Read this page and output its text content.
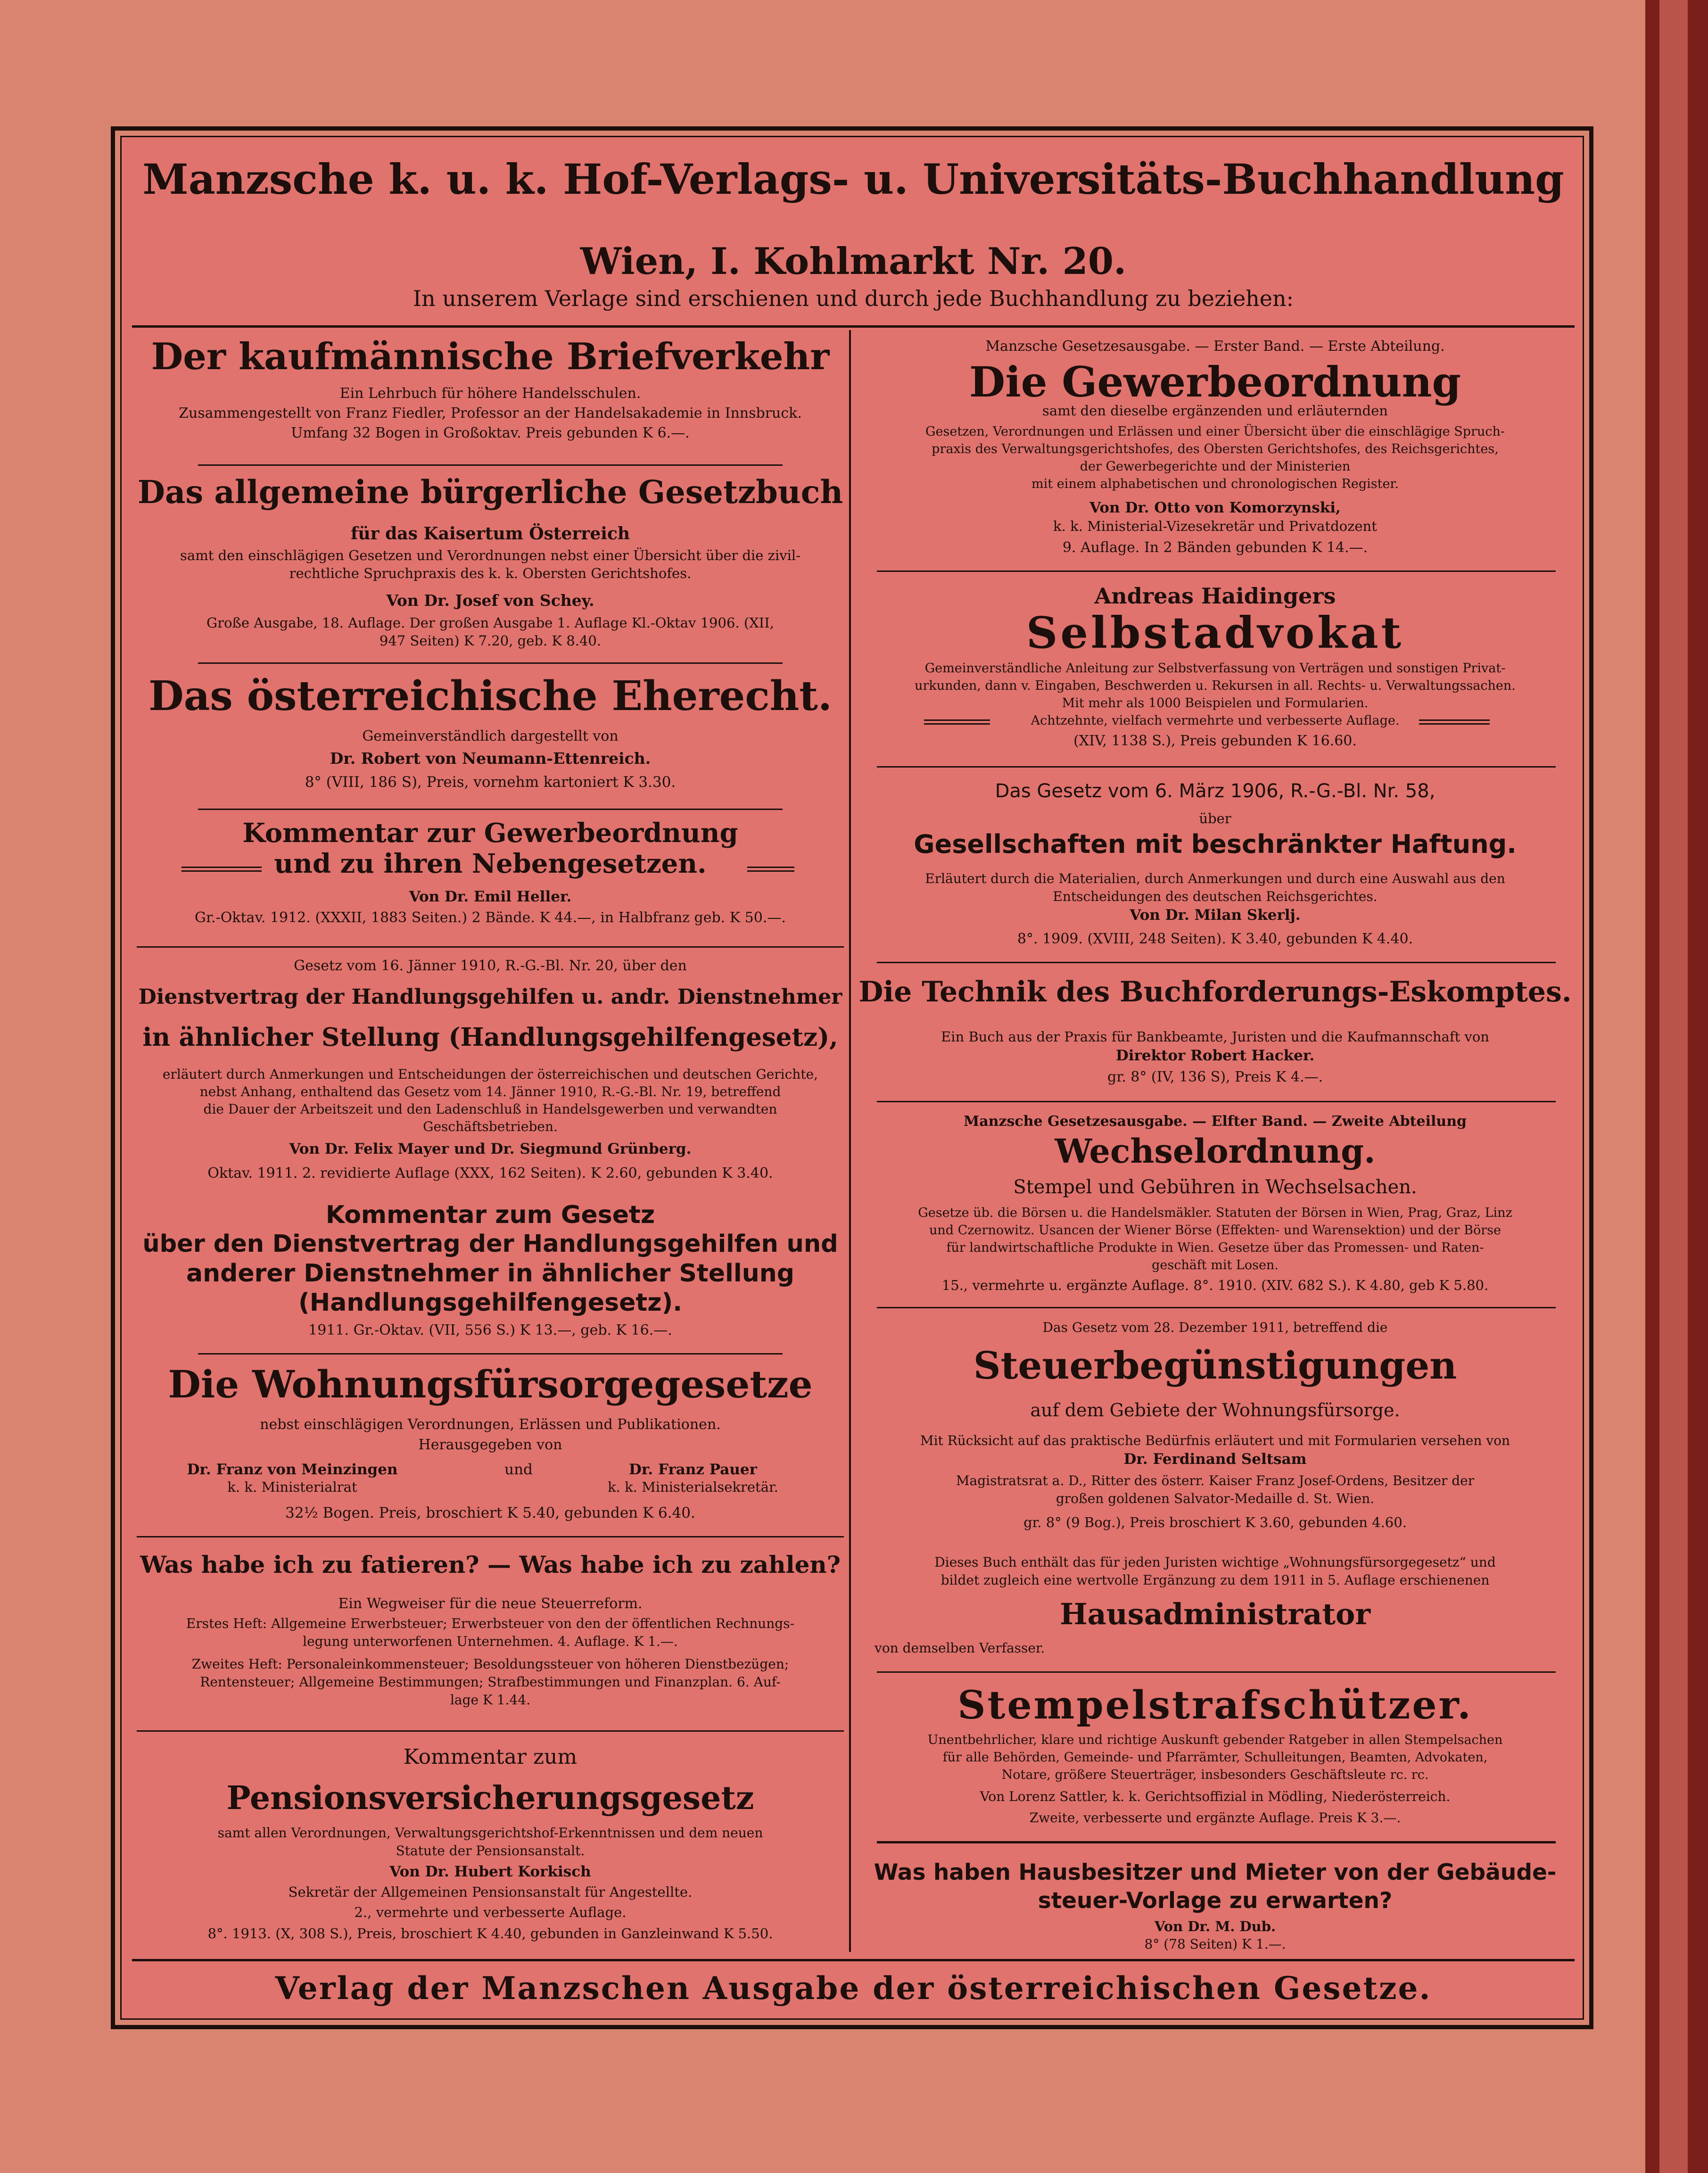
Manzsche k. u. k. Hof-Verlags- u. Universitäts-Buchhandlung
Wien, I. Kohlmarkt Nr. 20.
In unserem Verlage sind erschienen und durch jede Buchhandlung zu beziehen:
Der kaufmännische Briefverkehr
Ein Lehrbuch für höhere Handelsschulen.
Zusammengestellt von Franz Fiedler, Professor an der Handelsakademie in Innsbruck.
Umfang 32 Bogen in Großoktav. Preis gebunden K 6.—.
Das allgemeine bürgerliche Gesetzbuch
für das Kaisertum Österreich
samt den einschlägigen Gesetzen und Verordnungen nebst einer Übersicht über die zivil-
rechtliche Spruchpraxis des k. k. Obersten Gerichtshofes.
Von Dr. Josef von Schey.
Große Ausgabe, 18. Auflage. Der großen Ausgabe 1. Auflage Kl.-Oktav 1906. (XII,
947 Seiten) K 7.20, geb. K 8.40.
Das österreichische Eherecht.
Gemeinverständlich dargestellt von
Dr. Robert von Neumann-Ettenreich.
8° (VIII, 186 S), Preis, vornehm kartoniert K 3.30.
Kommentar zur Gewerbeordnung
und zu ihren Nebengesetzen.
Von Dr. Emil Heller.
Gr.-Oktav. 1912. (XXXII, 1883 Seiten.) 2 Bände. K 44.—, in Halbfranz geb. K 50.—.
Gesetz vom 16. Jänner 1910, R.-G.-Bl. Nr. 20, über den
Dienstvertrag der Handlungsgehilfen u. andr. Dienstnehmer
in ähnlicher Stellung (Handlungsgehilfengesetz),
erläutert durch Anmerkungen und Entscheidungen der österreichischen und deutschen Gerichte,
nebst Anhang, enthaltend das Gesetz vom 14. Jänner 1910, R.-G.-Bl. Nr. 19, betreffend
die Dauer der Arbeitszeit und den Ladenschluß in Handelsgewerben und verwandten
Geschäftsbetrieben.
Von Dr. Felix Mayer und Dr. Siegmund Grünberg.
Oktav. 1911. 2. revidierte Auflage (XXX, 162 Seiten). K 2.60, gebunden K 3.40.
Kommentar zum Gesetz
über den Dienstvertrag der Handlungsgehilfen und
anderer Dienstnehmer in ähnlicher Stellung
(Handlungsgehilfengesetz).
1911. Gr.-Oktav. (VII, 556 S.) K 13.—, geb. K 16.—.
Die Wohnungsfürsorgegesetze
nebst einschlägigen Verordnungen, Erlässen und Publikationen.
Herausgegeben von
Dr. Franz von Meinzingen	und	Dr. Franz Pauer
k. k. Ministerialrat	k. k. Ministerialsekretär.
32½ Bogen. Preis, broschiert K 5.40, gebunden K 6.40.
Was habe ich zu fatieren? — Was habe ich zu zahlen?
Ein Wegweiser für die neue Steuerreform.
Erstes Heft: Allgemeine Erwerbsteuer; Erwerbsteuer von den der öffentlichen Rechnungs-
legung unterworfenen Unternehmen. 4. Auflage. K 1.—.
Zweites Heft: Personaleinkommensteuer; Besoldungssteuer von höheren Dienstbezügen;
Rentensteuer; Allgemeine Bestimmungen; Strafbestimmungen und Finanzplan. 6. Auf-
lage K 1.44.
Kommentar zum
Pensionsversicherungsgesetz
samt allen Verordnungen, Verwaltungsgerichtshof-Erkenntnissen und dem neuen
Statute der Pensionsanstalt.
Von Dr. Hubert Korkisch
Sekretär der Allgemeinen Pensionsanstalt für Angestellte.
2., vermehrte und verbesserte Auflage.
8°. 1913. (X, 308 S.), Preis, broschiert K 4.40, gebunden in Ganzleinwand K 5.50.
Manzsche Gesetzesausgabe. — Erster Band. — Erste Abteilung.
Die Gewerbeordnung
samt den dieselbe ergänzenden und erläuternden
Gesetzen, Verordnungen und Erlässen und einer Übersicht über die einschlägige Spruch-
praxis des Verwaltungsgerichtshofes, des Obersten Gerichtshofes, des Reichsgerichtes,
der Gewerbegerichte und der Ministerien
mit einem alphabetischen und chronologischen Register.
Von Dr. Otto von Komorzynski,
k. k. Ministerial-Vizesekretär und Privatdozent
9. Auflage. In 2 Bänden gebunden K 14.—.
Andreas Haidingers
Selbstadvokat
Gemeinverständliche Anleitung zur Selbstverfassung von Verträgen und sonstigen Privat-
urkunden, dann v. Eingaben, Beschwerden u. Rekursen in all. Rechts- u. Verwaltungssachen.
Mit mehr als 1000 Beispielen und Formularien.
Achtzehnte, vielfach vermehrte und verbesserte Auflage.
(XIV, 1138 S.), Preis gebunden K 16.60.
Das Gesetz vom 6. März 1906, R.-G.-Bl. Nr. 58,
über
Gesellschaften mit beschränkter Haftung.
Erläutert durch die Materialien, durch Anmerkungen und durch eine Auswahl aus den
Entscheidungen des deutschen Reichsgerichtes.
Von Dr. Milan Skerlj.
8°. 1909. (XVIII, 248 Seiten). K 3.40, gebunden K 4.40.
Die Technik des Buchforderungs-Eskomptes.
Ein Buch aus der Praxis für Bankbeamte, Juristen und die Kaufmannschaft von
Direktor Robert Hacker.
gr. 8° (IV, 136 S), Preis K 4.—.
Manzsche Gesetzesausgabe. — Elfter Band. — Zweite Abteilung
Wechselordnung.
Stempel und Gebühren in Wechselsachen.
Gesetze üb. die Börsen u. die Handelsmäkler. Statuten der Börsen in Wien, Prag, Graz, Linz
und Czernowitz. Usancen der Wiener Börse (Effekten- und Warensektion) und der Börse
für landwirtschaftliche Produkte in Wien. Gesetze über das Promessen- und Raten-
geschäft mit Losen.
15., vermehrte u. ergänzte Auflage. 8°. 1910. (XIV. 682 S.). K 4.80, geb K 5.80.
Das Gesetz vom 28. Dezember 1911, betreffend die
Steuerbegünstigungen
auf dem Gebiete der Wohnungsfürsorge.
Mit Rücksicht auf das praktische Bedürfnis erläutert und mit Formularien versehen von
Dr. Ferdinand Seltsam
Magistratsrat a. D., Ritter des österr. Kaiser Franz Josef-Ordens, Besitzer der
großen goldenen Salvator-Medaille d. St. Wien.
gr. 8° (9 Bog.), Preis broschiert K 3.60, gebunden 4.60.
Dieses Buch enthält das für jeden Juristen wichtige „Wohnungsfürsorgegesetz“ und
bildet zugleich eine wertvolle Ergänzung zu dem 1911 in 5. Auflage erschienenen
Hausadministrator
von demselben Verfasser.
Stempelstrafschützer.
Unentbehrlicher, klare und richtige Auskunft gebender Ratgeber in allen Stempelsachen
für alle Behörden, Gemeinde- und Pfarrämter, Schulleitungen, Beamten, Advokaten,
Notare, größere Steuerträger, insbesonders Geschäftsleute rc. rc.
Von Lorenz Sattler, k. k. Gerichtsoffizial in Mödling, Niederösterreich.
Zweite, verbesserte und ergänzte Auflage. Preis K 3.—.
Was haben Hausbesitzer und Mieter von der Gebäude-
steuer-Vorlage zu erwarten?
Von Dr. M. Dub.
8° (78 Seiten) K 1.—.
Verlag der Manzschen Ausgabe der österreichischen Gesetze.
